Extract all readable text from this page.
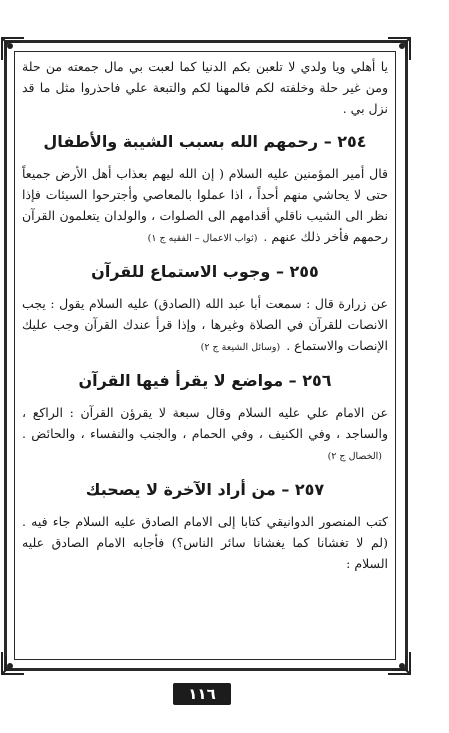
يا أهلي ويا ولدي لا تلعبن بكم الدنيا كما لعبت بي مال جمعته من حلة ومن غير حلة وخلفته لكم فالمهنا لكم والتبعة علي فاحذروا مثل ما قد نزل بي .

٢٥٤ – رحمهم الله بسبب الشيبة والأطفال

قال أمير المؤمنين عليه السلام ( إن الله ليهم بعذاب أهل الأرض جميعاً حتى لا يحاشي منهم أحداً ، اذا عملوا بالمعاصي وأجترحوا السيئات فإذا نظر الى الشيب ناقلي أقدامهم الى الصلوات ، والولدان يتعلمون القرآن رحمهم فأخر ذلك عنهم .(ثواب الاعمال – الفقيه ج ١)

٢٥٥ – وجوب الاستماع للقرآن

عن زرارة قال : سمعت أبا عبد الله (الصادق) عليه السلام يقول : يجب الانصات للقرآن في الصلاة وغيرها ، وإذا قرأ عندك القرآن وجب عليك الإنصات والاستماع .(وسائل الشيعة ج ٢)

٢٥٦ – مواضع لا يقرأ فيها القرآن

عن الامام علي عليه السلام وقال سبعة لا يقرؤن القرآن : الراكع ، والساجد ، وفي الكنيف ، وفي الحمام ، والجنب والنفساء ، والحائض .(الخصال ج ٢)

٢٥٧ – من أراد الآخرة لا يصحبك

كتب المنصور الدوانيقي كتابا إلى الامام الصادق عليه السلام جاء فيه . (لم لا تغشانا كما يغشانا سائر الناس؟) فأجابه الامام الصادق عليه السلام :

١١٦
